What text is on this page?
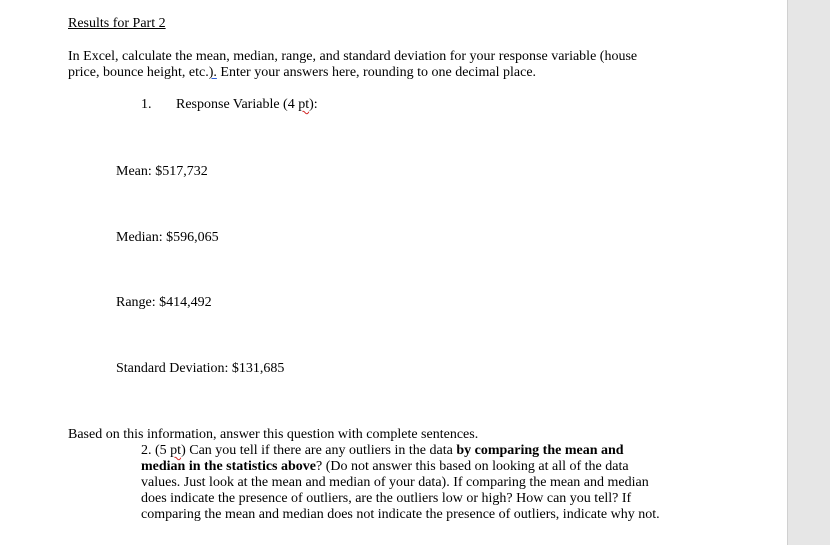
Results for Part 2
In Excel, calculate the mean, median, range, and standard deviation for your response variable (house
price, bounce height, etc.). Enter your answers here, rounding to one decimal place.
1. Response Variable (4 pt):
Mean: $517,732
Median: $596,065
Range: $414,492
Standard Deviation: $131,685
Based on this information, answer this question with complete sentences.
2. (5 pt) Can you tell if there are any outliers in the data by comparing the mean and
median in the statistics above? (Do not answer this based on looking at all of the data
values. Just look at the mean and median of your data). If comparing the mean and median
does indicate the presence of outliers, are the outliers low or high? How can you tell? If
comparing the mean and median does not indicate the presence of outliers, indicate why not.
